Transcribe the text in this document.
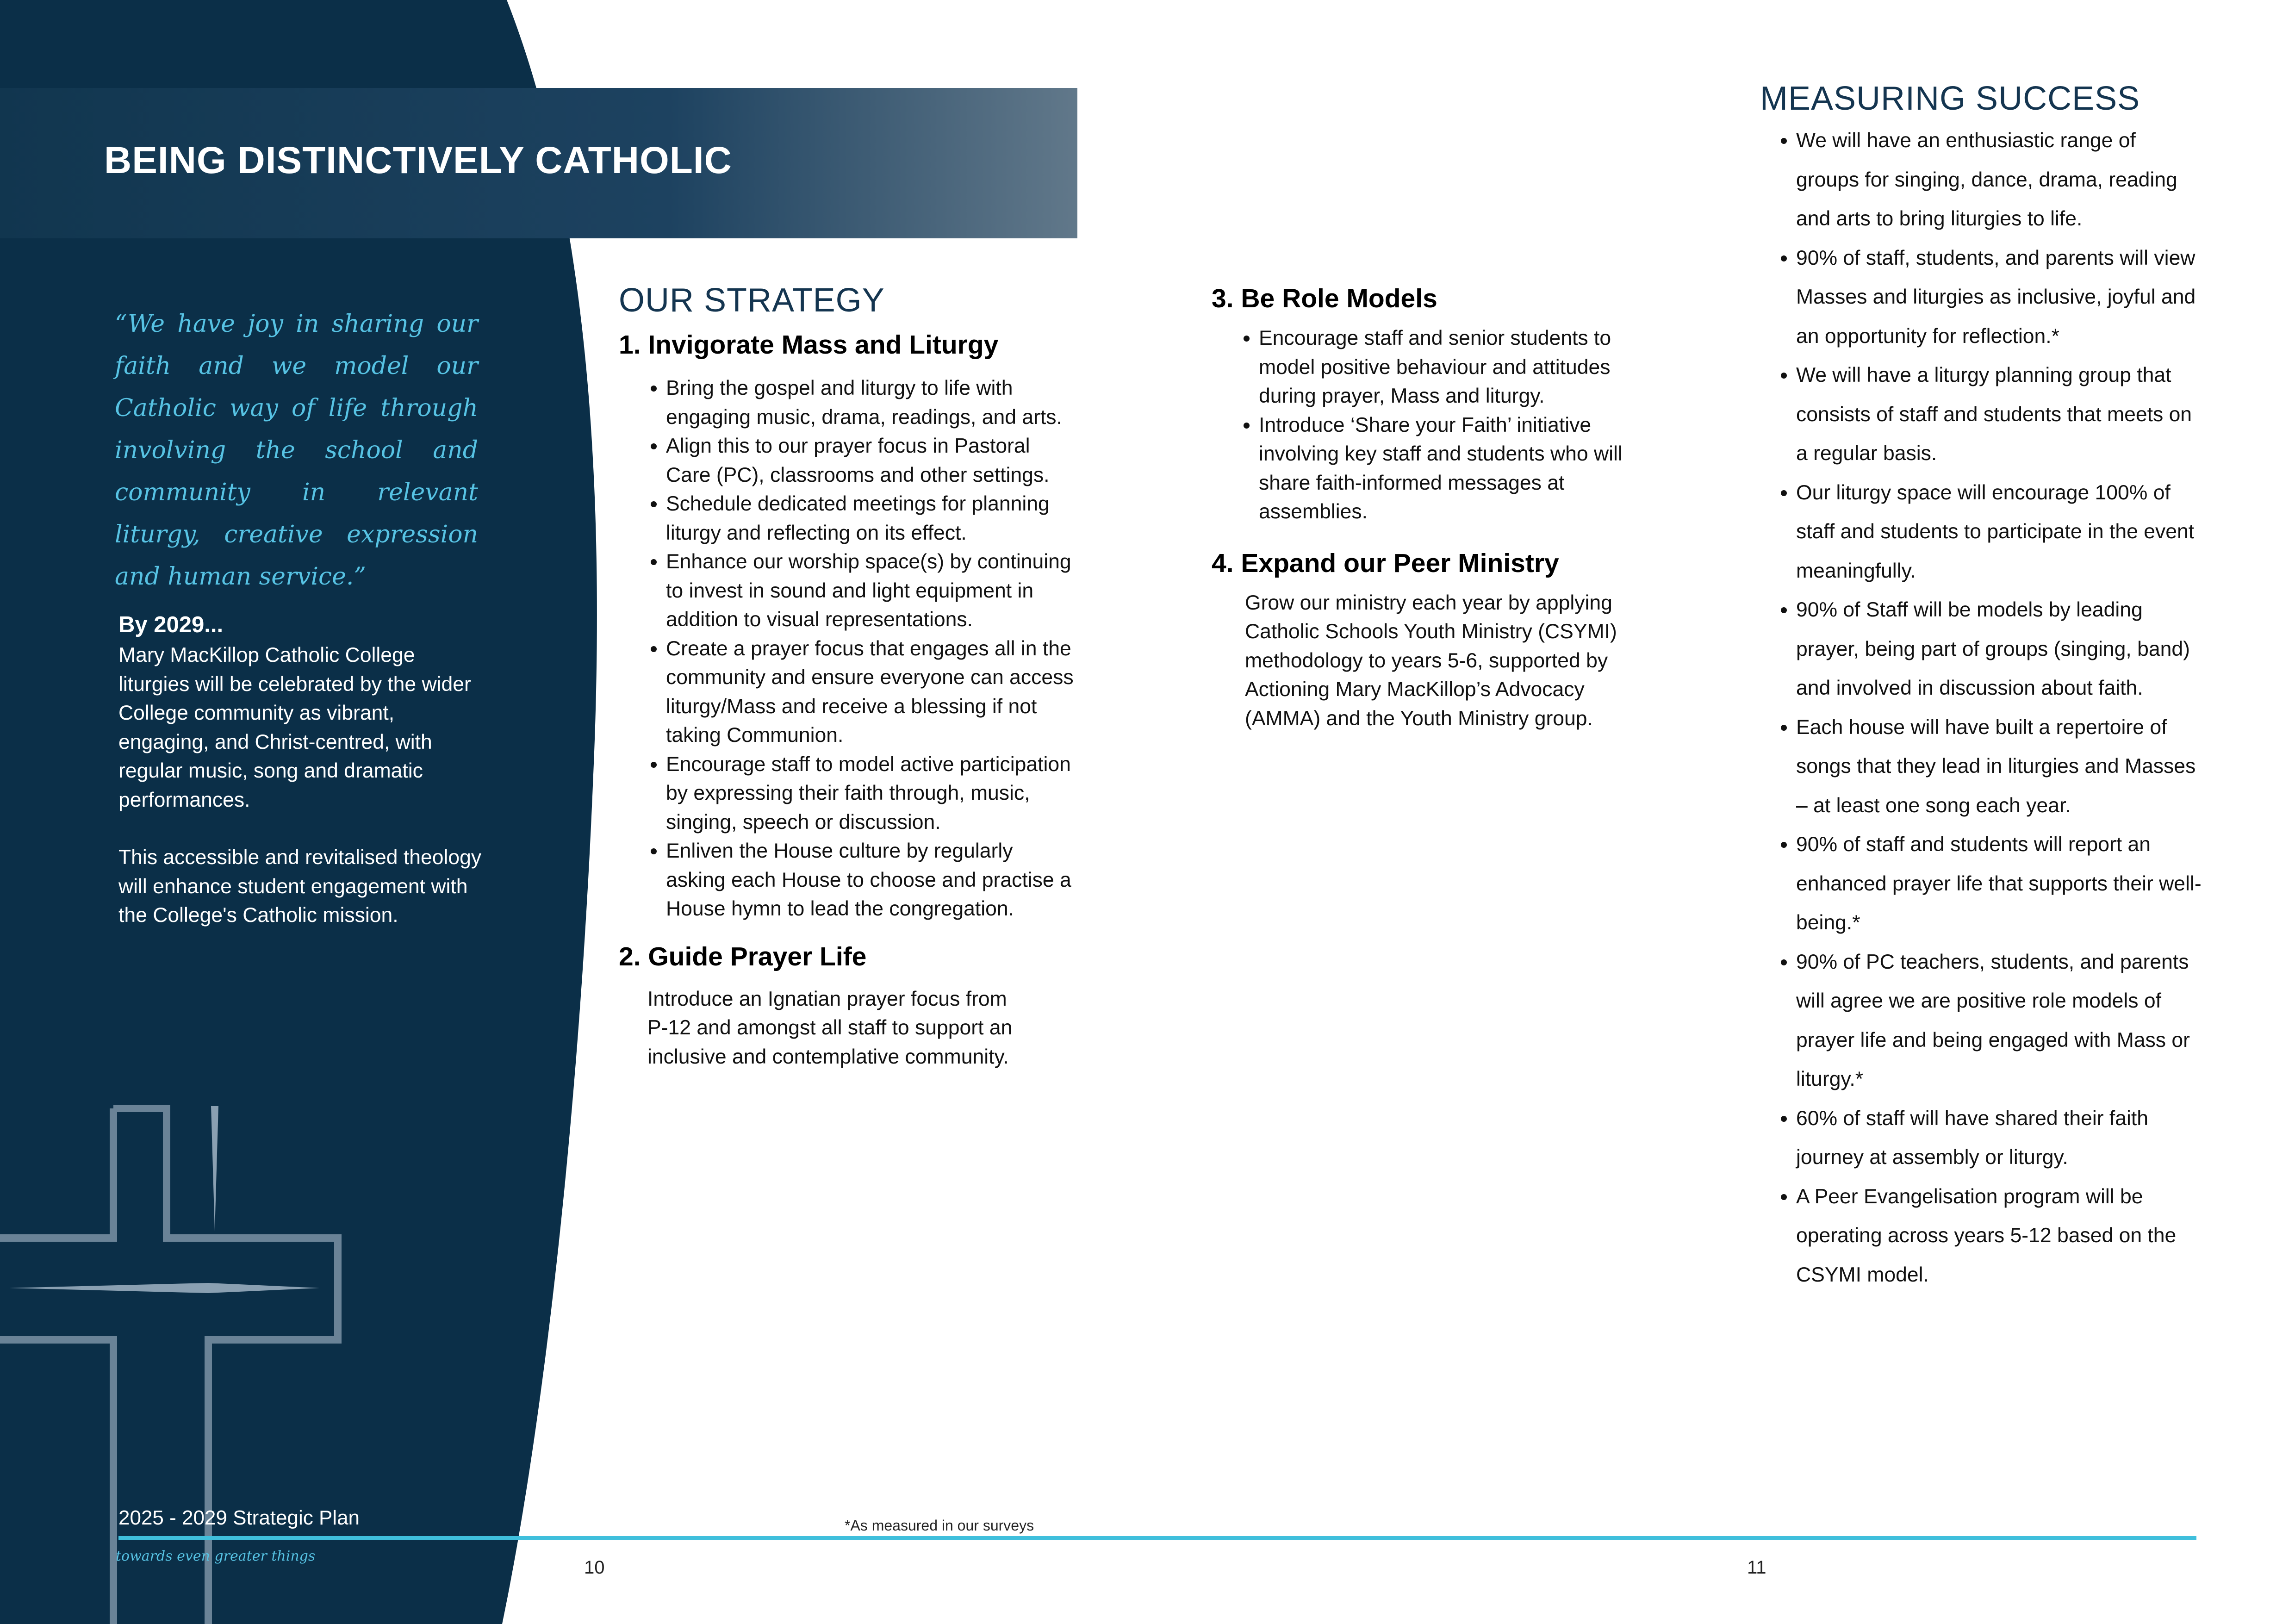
BEING DISTINCTIVELY CATHOLIC
“We have joy in sharing our faith and we model our Catholic way of life through involving the school and community in relevant liturgy, creative expression and human service.”
By 2029...

Mary MacKillop Catholic College liturgies will be celebrated by the wider College community as vibrant, engaging, and Christ-centred, with regular music, song and dramatic performances.

This accessible and revitalised theology will enhance student engagement with the College's Catholic mission.

2025 - 2029 Strategic Plan
towards even greater things
10
*As measured in our surveys
11
OUR STRATEGY
1. Invigorate Mass and Liturgy
• Bring the gospel and liturgy to life with engaging music, drama, readings, and arts.
• Align this to our prayer focus in Pastoral Care (PC), classrooms and other settings.
• Schedule dedicated meetings for planning liturgy and reflecting on its effect.
• Enhance our worship space(s) by continuing to invest in sound and light equipment in addition to visual representations.
• Create a prayer focus that engages all in the community and ensure everyone can access liturgy/Mass and receive a blessing if not taking Communion.
• Encourage staff to model active participation by expressing their faith through, music, singing, speech or discussion.
• Enliven the House culture by regularly asking each House to choose and practise a House hymn to lead the congregation.
2. Guide Prayer Life
Introduce an Ignatian prayer focus from P-12 and amongst all staff to support an inclusive and contemplative community.
3. Be Role Models
• Encourage staff and senior students to model positive behaviour and attitudes during prayer, Mass and liturgy.
• Introduce ‘Share your Faith’ initiative involving key staff and students who will share faith-informed messages at assemblies.
4. Expand our Peer Ministry
Grow our ministry each year by applying Catholic Schools Youth Ministry (CSYMI) methodology to years 5-6, supported by Actioning Mary MacKillop’s Advocacy (AMMA) and the Youth Ministry group.
MEASURING SUCCESS
• We will have an enthusiastic range of groups for singing, dance, drama, reading and arts to bring liturgies to life.
• 90% of staff, students, and parents will view Masses and liturgies as inclusive, joyful and an opportunity for reflection.*
• We will have a liturgy planning group that consists of staff and students that meets on a regular basis.
• Our liturgy space will encourage 100% of staff and students to participate in the event meaningfully.
• 90% of Staff will be models by leading prayer, being part of groups (singing, band) and involved in discussion about faith.
• Each house will have built a repertoire of songs that they lead in liturgies and Masses – at least one song each year.
• 90% of staff and students will report an enhanced prayer life that supports their well-being.*
• 90% of PC teachers, students, and parents will agree we are positive role models of prayer life and being engaged with Mass or liturgy.*
• 60% of staff will have shared their faith journey at assembly or liturgy.
• A Peer Evangelisation program will be operating across years 5-12 based on the CSYMI model.
